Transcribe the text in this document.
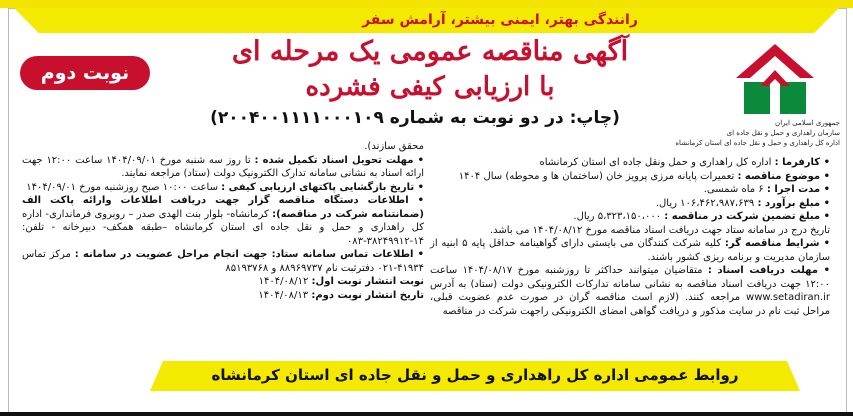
رانندگی بهتر، ایمنی بیشتر، آرامش سفر
جمهوری اسلامی ایران
سازمان راهداری و حمل و نقل جاده ای
اداره کل راهداری و حمل و نقل جاده ای استان کرمانشاه
نوبت دوم
آگهی مناقصه عمومی یک مرحله ای
با ارزیابی کیفی فشرده
(چاپ: در دو نوبت به شماره ۲۰۰۴۰۰۱۱۱۱۰۰۰۱۰۹)

• کارفرما : اداره کل راهداری و حمل ونقل جاده ای استان کرمانشاه

• موضوع مناقصه : تعمیرات پایانه مرزی پرویز خان (ساختمان ها و محوطه) سال ۱۴۰۴

• مدت اجرا : ۶ ماه شمسی.

• مبلغ برآورد : ۱۰۶،۴۶۲،۹۸۷،۶۳۹ ریال.

• مبلغ تضمین شرکت در مناقصه : ۵،۳۲۳،۱۵۰،۰۰۰ ریال.

تاریخ درج در سامانه ستاد جهت دریافت اسناد مناقصه مورخ ۱۴۰۴/۰۸/۱۲ می باشد.

• شرایط مناقصه گر: کلیه شرکت کنندگان می بایستی دارای گواهینامه حداقل پایه ۵ ابنیه از سازمان مدیریت و برنامه ریزی کشور باشند.

• مهلت دریافت اسناد : متقاضیان میتوانند حداکثر تا روزشنبه مورخ ۱۴۰۴/۰۸/۱۷ ساعت ۱۲:۰۰ جهت دریافت اسناد مناقصه به نشانی سامانه تدارکات الکترونیکی دولت (ستاد) به آدرس www.setadiran.ir مراجعه کنند. (لازم است مناقصه گران در صورت عدم عضویت قبلی، مراحل ثبت نام در سایت مذکور و دریافت گواهی امضای الکترونیکی راجهت شرکت در مناقصه

محقق سازند).

• مهلت تحویل اسناد تکمیل شده : تا روز سه شنبه مورخ ۱۴۰۴/۰۹/۰۱ ساعت ۱۲:۰۰ جهت ارائه اسناد به نشانی سامانه تدارک الکترونیک دولت (ستاد) مراجعه نمایند.

• تاریخ بازگشایی پاکتهای ارزیابی کیفی : ساعت ۱۰:۰۰ صبح روزشنبه مورخ ۱۴۰۴/۰۹/۰۱

• اطلاعات دستگاه مناقصه گزار جهت دریافت اطلاعات وارائه پاکت الف (ضمانتنامه شرکت در مناقصه): کرمانشاه- بلوار بنت الهدی صدر – روبروی فرمانداری- اداره کل راهداری و حمل و نقل جاده ای استان کرمانشاه –طبقه همکف- دبیرخانه - تلفن: ۱۴-۳۸۲۴۹۹۱۲-۰۸۳

• اطلاعات تماس سامانه ستاد: جهت انجام مراحل عضویت در سامانه : مرکز تماس ۴۱۹۳۴-۰۲۱ دفترثبت نام ۸۸۹۶۹۷۳۷ و ۸۵۱۹۳۷۶۸

نوبت انتشار نوبت اول: ۱۴۰۴/۰۸/۱۲

تاریخ انتشار نوبت دوم: ۱۴۰۴/۰۸/۱۳

روابط عمومی اداره کل راهداری و حمل و نقل جاده ای استان کرمانشاه
